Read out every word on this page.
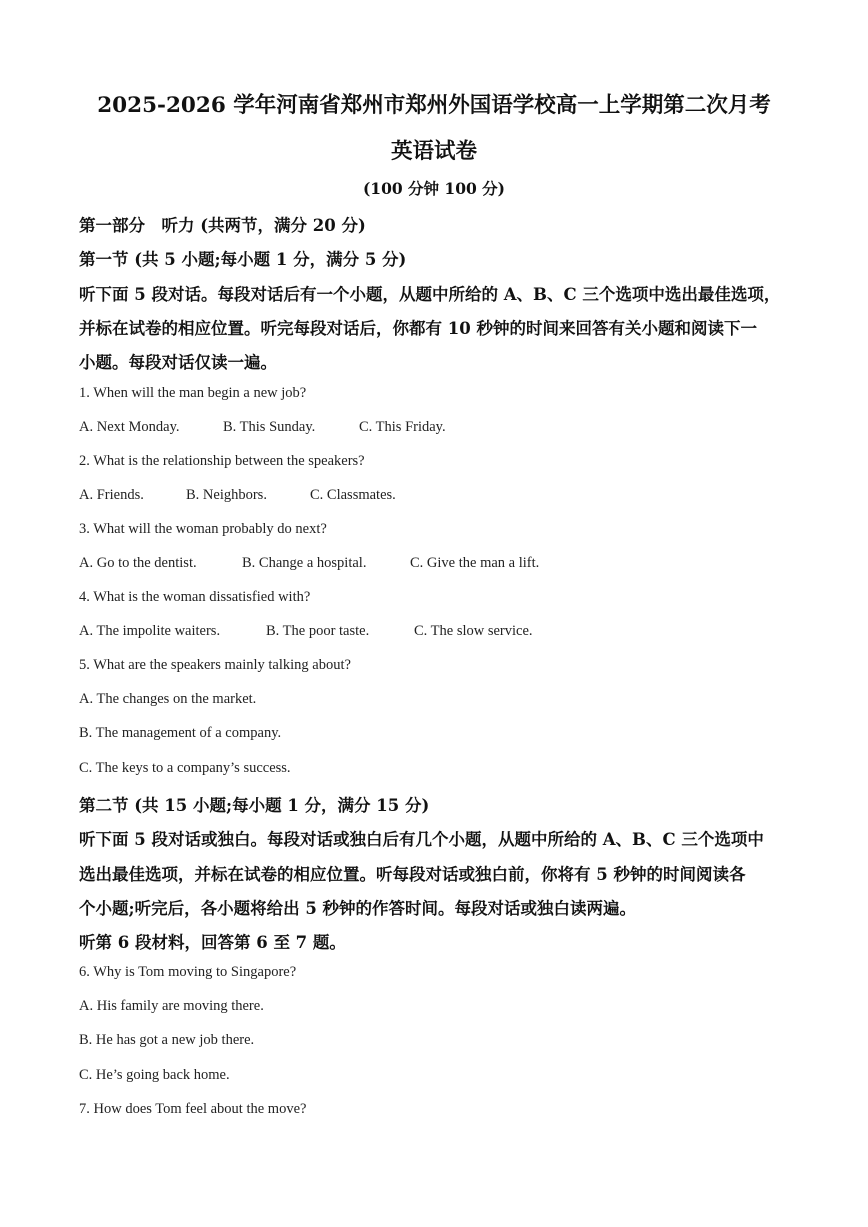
2025-2026 学年河南省郑州市郑州外国语学校高一上学期第二次月考
英语试卷
(100 分钟 100 分)
第一部分　听力 (共两节，满分 20 分)
第一节 (共 5 小题;每小题 1 分，满分 5 分)
听下面 5 段对话。每段对话后有一个小题，从题中所给的 A、B、C 三个选项中选出最佳选项，
并标在试卷的相应位置。听完每段对话后，你都有 10 秒钟的时间来回答有关小题和阅读下一
小题。每段对话仅读一遍。
1. When will the man begin a new job?
A. Next Monday.	B. This Sunday.	C. This Friday.
2. What is the relationship between the speakers?
A. Friends.	B. Neighbors.	C. Classmates.
3. What will the woman probably do next?
A. Go to the dentist.	B. Change a hospital.	C. Give the man a lift.
4. What is the woman dissatisfied with?
A. The impolite waiters.	B. The poor taste.	C. The slow service.
5. What are the speakers mainly talking about?
A. The changes on the market.
B. The management of a company.
C. The keys to a company’s success.
第二节 (共 15 小题;每小题 1 分，满分 15 分)
听下面 5 段对话或独白。每段对话或独白后有几个小题，从题中所给的 A、B、C 三个选项中
选出最佳选项，并标在试卷的相应位置。听每段对话或独白前，你将有 5 秒钟的时间阅读各
个小题;听完后，各小题将给出 5 秒钟的作答时间。每段对话或独白读两遍。
听第 6 段材料，回答第 6 至 7 题。
6. Why is Tom moving to Singapore?
A. His family are moving there.
B. He has got a new job there.
C. He’s going back home.
7. How does Tom feel about the move?
